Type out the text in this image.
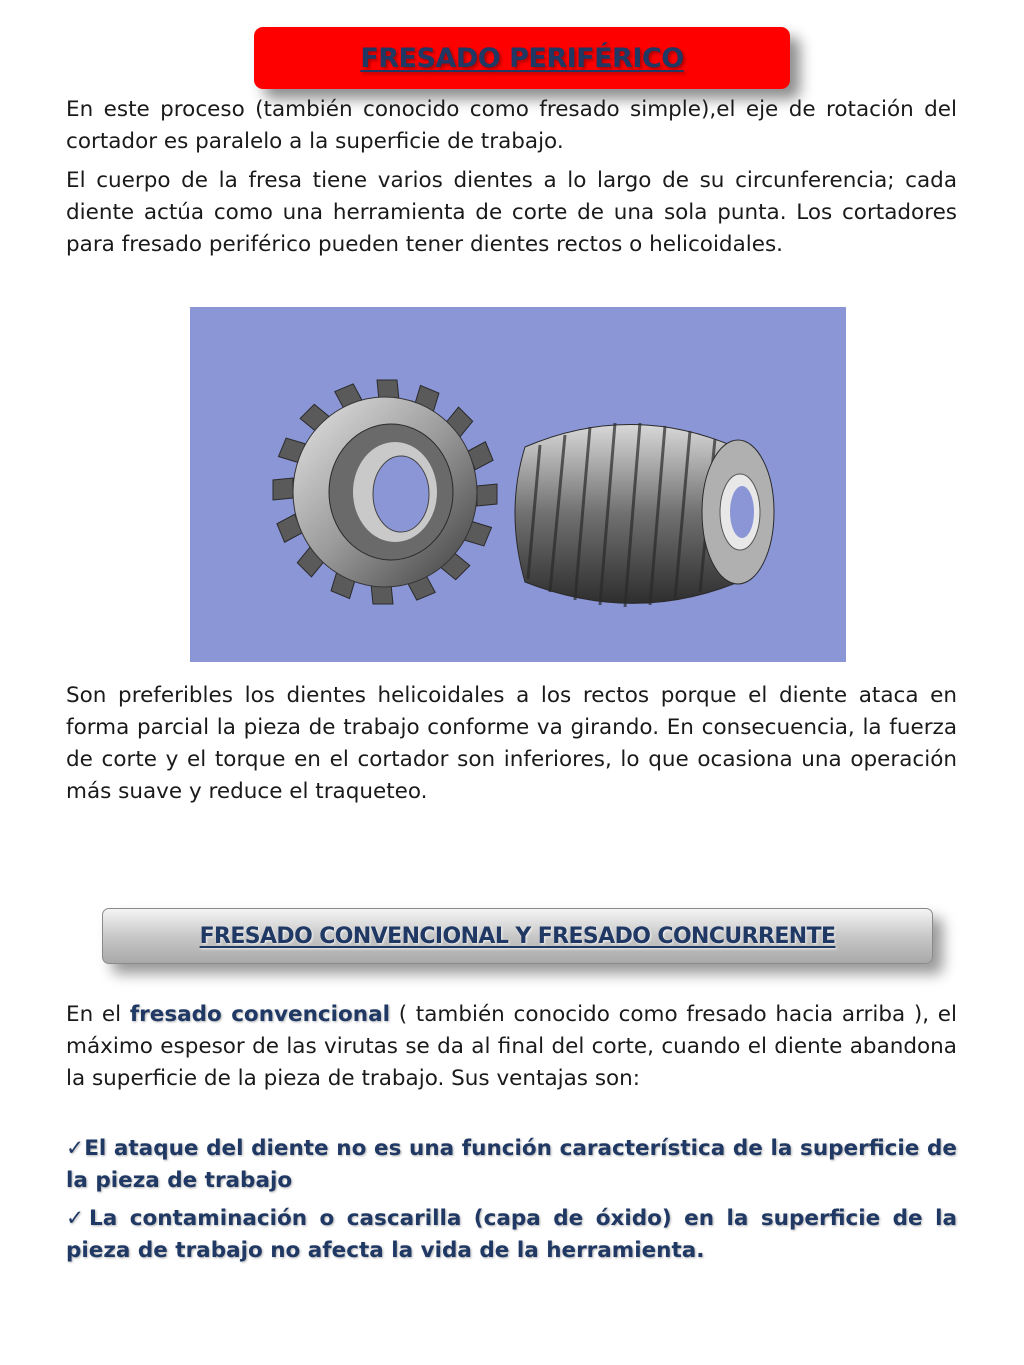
FRESADO PERIFÉRICO

En este proceso (también conocido como fresado simple),el eje de rotación del cortador es paralelo a la superficie de trabajo.

El cuerpo de la fresa tiene varios dientes a lo largo de su circunferencia; cada diente actúa como una herramienta de corte de una sola punta. Los cortadores para fresado periférico pueden tener dientes rectos o helicoidales.

Son preferibles los dientes helicoidales a los rectos porque el diente ataca en forma parcial la pieza de trabajo conforme va girando. En consecuencia, la fuerza de corte y el torque en el cortador son inferiores, lo que ocasiona una operación más suave y reduce el traqueteo.

FRESADO CONVENCIONAL Y FRESADO CONCURRENTE

En el fresado convencional ( también conocido como fresado hacia arriba ), el máximo espesor de las virutas se da al final del corte, cuando el diente abandona la superficie de la pieza de trabajo. Sus ventajas son:

✓El ataque del diente no es una función característica de la superficie de la pieza de trabajo

✓La contaminación o cascarilla (capa de óxido) en la superficie de la pieza de trabajo no afecta la vida de la herramienta.
